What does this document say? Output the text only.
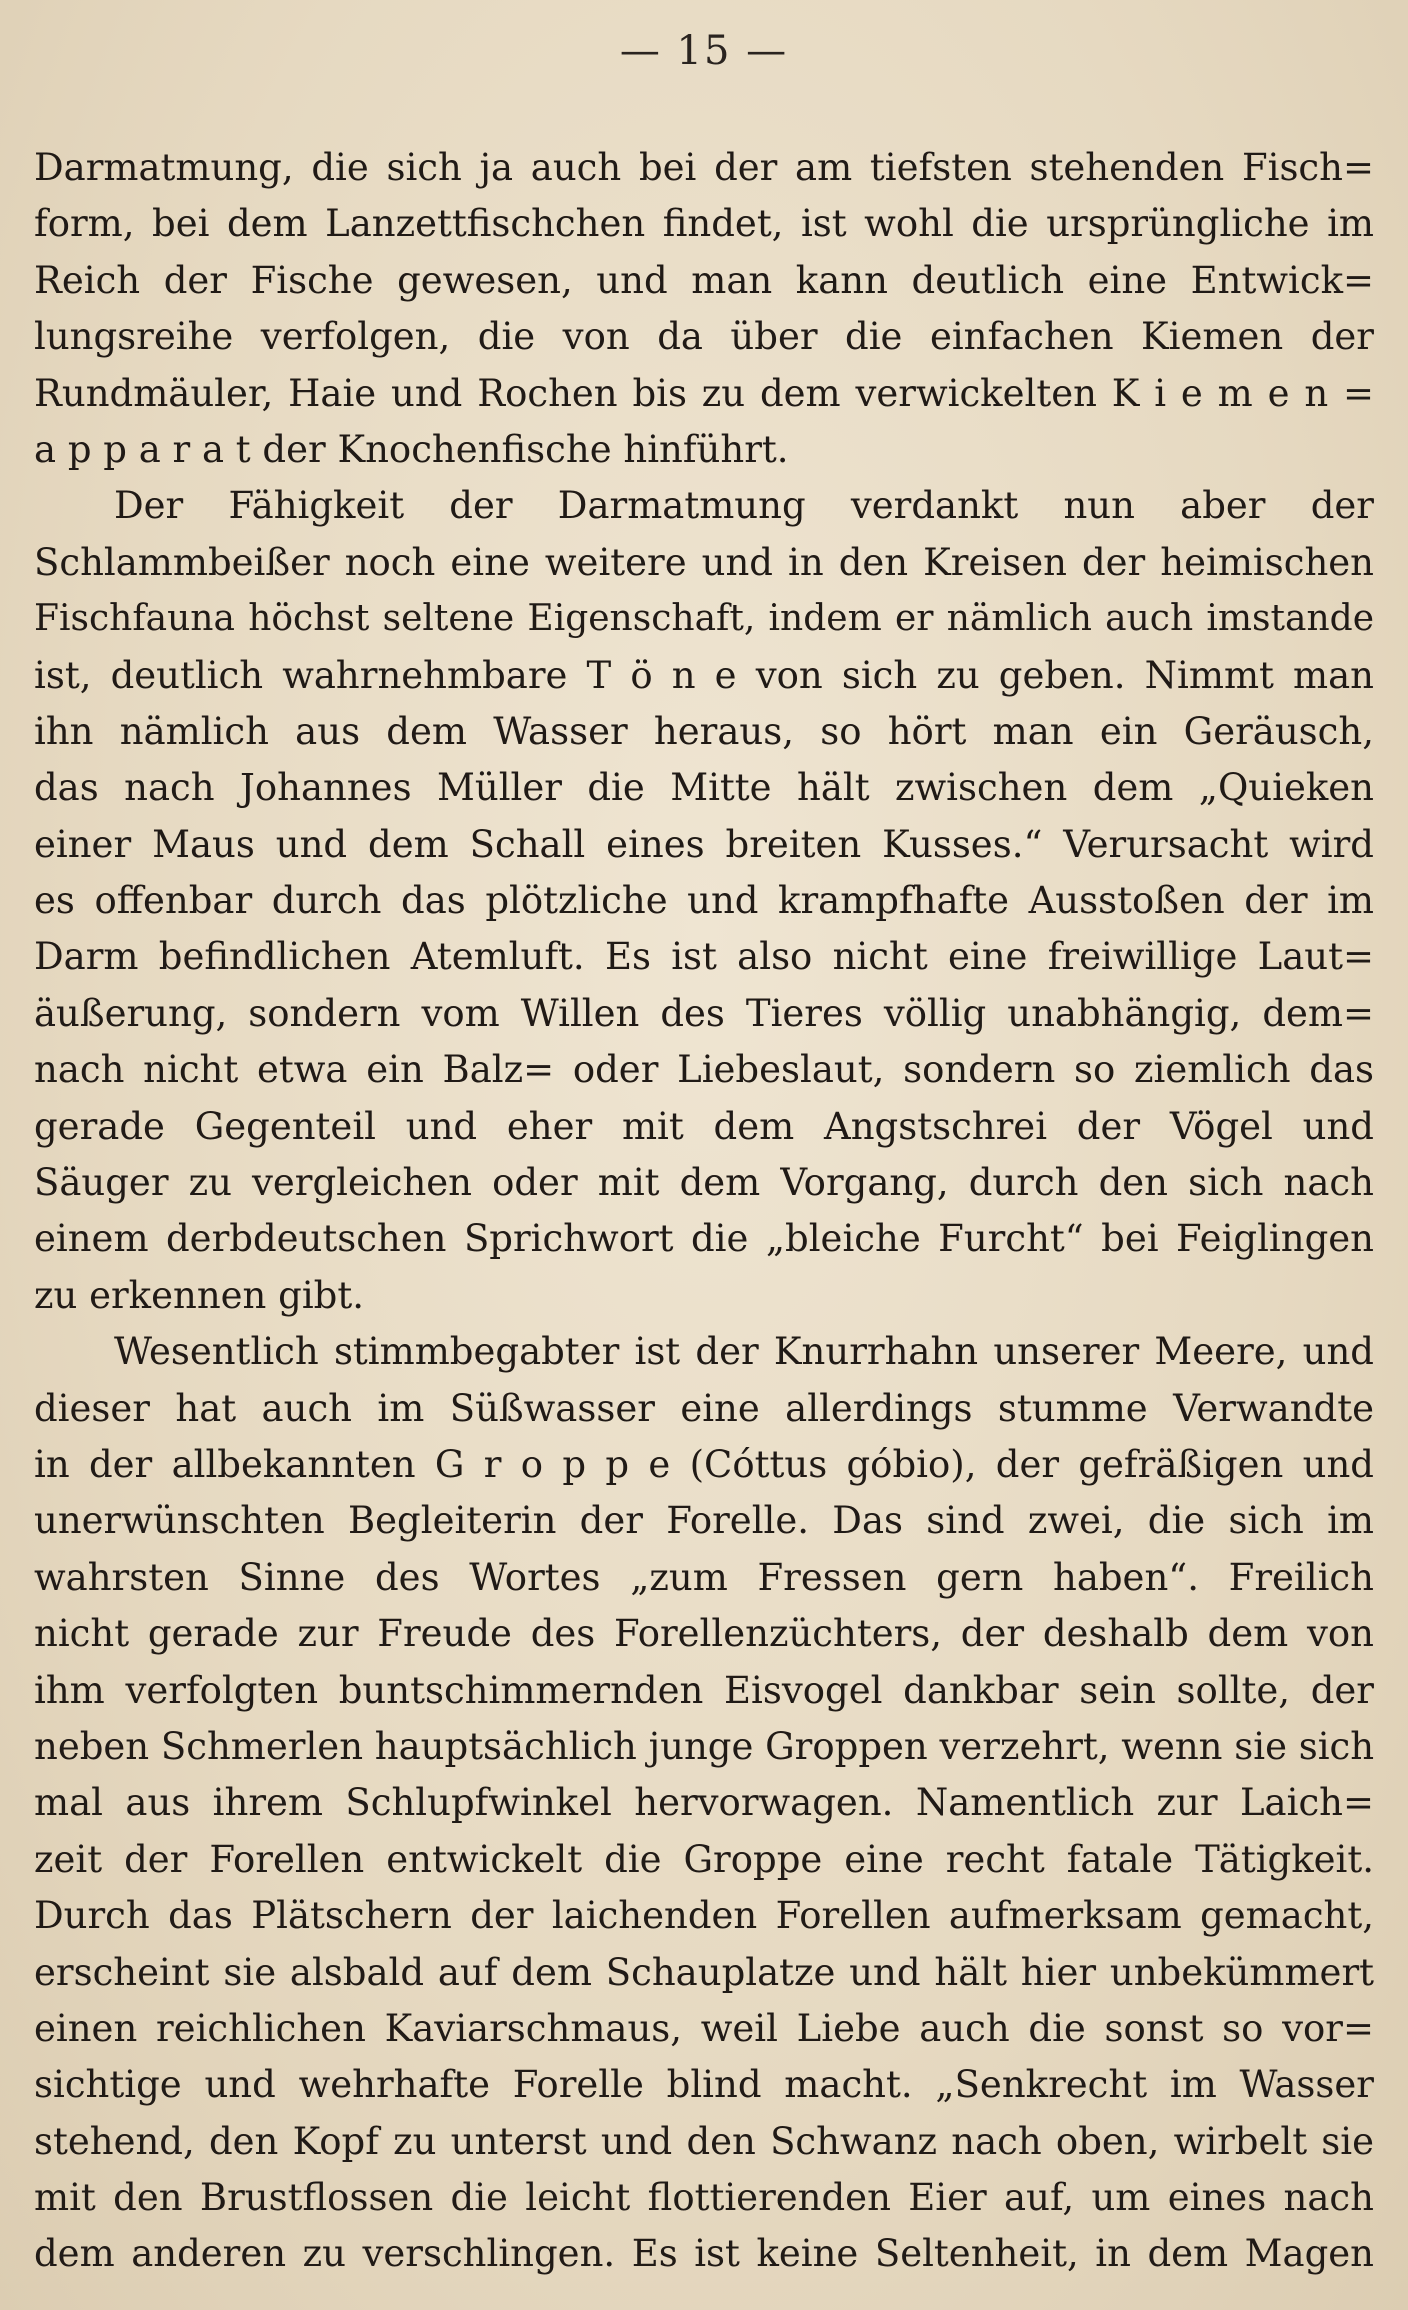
— 15 —
Darmatmung, die sich ja auch bei der am tiefsten stehenden Fisch=
form, bei dem Lanzettfischchen findet, ist wohl die ursprüngliche im
Reich der Fische gewesen, und man kann deutlich eine Entwick=
lungsreihe verfolgen, die von da über die einfachen Kiemen der
Rundmäuler, Haie und Rochen bis zu dem verwickelten K i e m e n =
a p p a r a t der Knochenfische hinführt.
Der Fähigkeit der Darmatmung verdankt nun aber der
Schlammbeißer noch eine weitere und in den Kreisen der heimischen
Fischfauna höchst seltene Eigenschaft, indem er nämlich auch imstande
ist, deutlich wahrnehmbare T ö n e von sich zu geben. Nimmt man
ihn nämlich aus dem Wasser heraus, so hört man ein Geräusch,
das nach Johannes Müller die Mitte hält zwischen dem „Quieken
einer Maus und dem Schall eines breiten Kusses.“ Verursacht wird
es offenbar durch das plötzliche und krampfhafte Ausstoßen der im
Darm befindlichen Atemluft. Es ist also nicht eine freiwillige Laut=
äußerung, sondern vom Willen des Tieres völlig unabhängig, dem=
nach nicht etwa ein Balz= oder Liebeslaut, sondern so ziemlich das
gerade Gegenteil und eher mit dem Angstschrei der Vögel und
Säuger zu vergleichen oder mit dem Vorgang, durch den sich nach
einem derbdeutschen Sprichwort die „bleiche Furcht“ bei Feiglingen
zu erkennen gibt.
Wesentlich stimmbegabter ist der Knurrhahn unserer Meere, und
dieser hat auch im Süßwasser eine allerdings stumme Verwandte
in der allbekannten G r o p p e (Cóttus góbio), der gefräßigen und
unerwünschten Begleiterin der Forelle. Das sind zwei, die sich im
wahrsten Sinne des Wortes „zum Fressen gern haben“. Freilich
nicht gerade zur Freude des Forellenzüchters, der deshalb dem von
ihm verfolgten buntschimmernden Eisvogel dankbar sein sollte, der
neben Schmerlen hauptsächlich junge Groppen verzehrt, wenn sie sich
mal aus ihrem Schlupfwinkel hervorwagen. Namentlich zur Laich=
zeit der Forellen entwickelt die Groppe eine recht fatale Tätigkeit.
Durch das Plätschern der laichenden Forellen aufmerksam gemacht,
erscheint sie alsbald auf dem Schauplatze und hält hier unbekümmert
einen reichlichen Kaviarschmaus, weil Liebe auch die sonst so vor=
sichtige und wehrhafte Forelle blind macht. „Senkrecht im Wasser
stehend, den Kopf zu unterst und den Schwanz nach oben, wirbelt sie
mit den Brustflossen die leicht flottierenden Eier auf, um eines nach
dem anderen zu verschlingen. Es ist keine Seltenheit, in dem Magen
